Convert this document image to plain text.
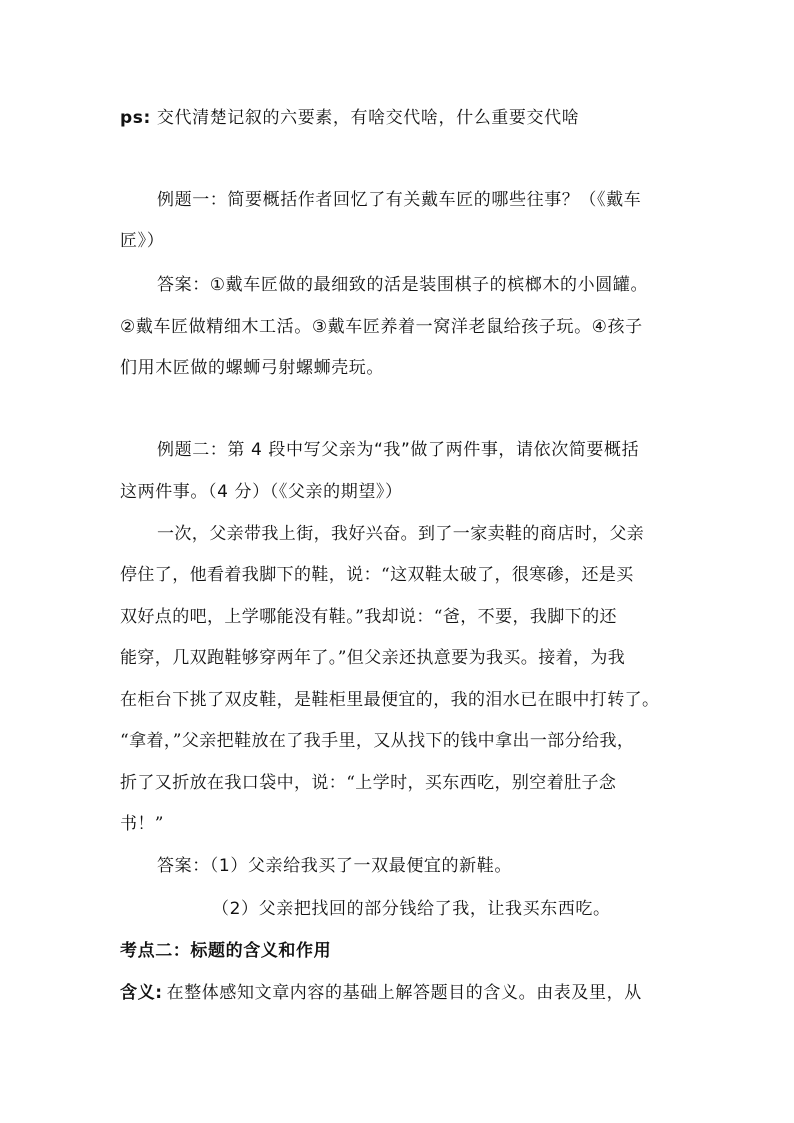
ps: 交代清楚记叙的六要素，有啥交代啥，什么重要交代啥
例题一：简要概括作者回忆了有关戴车匠的哪些往事？（《戴车
匠》）
答案：①戴车匠做的最细致的活是装围棋子的槟榔木的小圆罐。
②戴车匠做精细木工活。③戴车匠养着一窝洋老鼠给孩子玩。④孩子
们用木匠做的螺蛳弓射螺蛳壳玩。
例题二：第 4 段中写父亲为“我”做了两件事，请依次简要概括
这两件事。（4 分）（《父亲的期望》）
一次，父亲带我上街，我好兴奋。到了一家卖鞋的商店时，父亲
停住了，他看着我脚下的鞋，说：“这双鞋太破了，很寒碜，还是买
双好点的吧，上学哪能没有鞋。”我却说：“爸，不要，我脚下的还
能穿，几双跑鞋够穿两年了。”但父亲还执意要为我买。接着，为我
在柜台下挑了双皮鞋，是鞋柜里最便宜的，我的泪水已在眼中打转了。
“拿着，”父亲把鞋放在了我手里，又从找下的钱中拿出一部分给我，
折了又折放在我口袋中，说：“上学时，买东西吃，别空着肚子念
书！”
答案：（1）父亲给我买了一双最便宜的新鞋。
（2）父亲把找回的部分钱给了我，让我买东西吃。
考点二：标题的含义和作用
含义: 在整体感知文章内容的基础上解答题目的含义。由表及里，从
